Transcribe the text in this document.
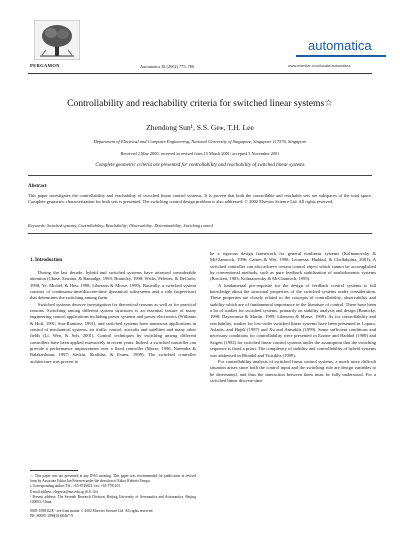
PERGAMON	Automatica 38 (2002) 775–786
automatica
www.elsevier.com/locate/automatica
Controllability and reachability criteria for switched linear systems☆
Zhendong Sun¹, S.S. Ge⁎, T.H. Lee
Department of Electrical and Computer Engineering, National University of Singapore, Singapore 117576, Singapore
Received 2 May 2000; received in revised form 15 March 2001; accepted 5 November 2001
Complete geometric criteria are presented for controllability and reachability of switched linear systems
Abstract

This paper investigates the controllability and reachability of switched linear control systems. It is proven that both the controllable and reachable sets are subspaces of the total space. Complete geometric characterization for both sets is presented. The switching control design problem is also addressed. © 2002 Elsevier Science Ltd. All rights reserved.

Keywords: Switched systems; Controllability; Reachability; Observability; Determinability; Switching control
1. Introduction

During the last decade, hybrid and switched systems have attracted considerable attention (Chase, Serrano, & Ramadge, 1993; Branicky, 1998; Wicks, Peleties, & DeCarlo, 1998; Ye, Michel, & Hou, 1998; Liberzon & Morse, 1999). Basically, a switched system consists of continuous-time/discrete-time dynamical subsystems and a rule (supervisor) that determines the switching among them.

Switched systems deserve investigation for theoretical reasons as well as for practical reasons. Switching among different system structures is an essential feature of many engineering control applications including power systems and power electronics (Williams & Hoft, 1991; Sira-Ramirez, 1991), and switched systems have numerous applications in control of mechanical systems, air traffic control, aircrafts and satellites and many other fields (Li, Wen, & Soh, 2001). Control techniques by switching among different controllers have been applied extensively in recent years. Indeed, a switched controller can provide a performance improvement over a fixed controller (Morse, 1996; Narendra & Balakrishnan, 1997; Savkin, Skafidas, & Evans, 1999). The switched controller architecture was proven to

be a rigorous design framework for general nonlinear systems (Kolmanovsky & McClamroch, 1996; Caines & Wei, 1998; Leonessa, Haddad, & Chellaboina, 2001). A switched controller can also achieve certain control object which cannot be accomplished by conventional methods, such as pure feedback stabilization of nonholonomic systems (Brockett, 1983; Kolmanovsky & McClamroch, 1995).

A fundamental pre-requisite for the design of feedback control systems is full knowledge about the structural properties of the switched systems under consideration. These properties are closely related to the concepts of controllability, observability and stability which are of fundamental importance in the literature of control. There have been a lot of studies for switched systems, primarily on stability analysis and design (Branicky, 1998; Dayawansa & Martin, 1999; Liberzon & Morse, 1999). As for controllability and reachability, studies for low-order switched linear systems have been presented in Loparo, Aslanis, and Hajek (1987) and Xu and Antsaklis (1999). Some sufficient conditions and necessary conditions for controllability were presented in Ezzine and Haddad (1989) and Szigeti (1992) for switched linear control systems under the assumption that the switching sequence is fixed a priori. The complexity of stability and controllability of hybrid systems was addressed in Blondel and Tsitsiklis (1999).

For controllability analysis of switched linear control systems, a much more difficult situation arises since both the control input and the switching rule are design variables to be determined, and thus the interaction between them must be fully understood. For a switched linear discrete-time

☆ This paper was not presented at any IFAC meeting. This paper was recommended for publication in revised form by Associate Editor Ian Petersen under the direction of Editor Roberto Tempo.

⁎ Corresponding author. Tel.: +65-8746821; fax: +65-7791103.

E-mail address: elegessz@nus.edu.sg (S.S. Ge).

¹ Present address: The Seventh Research Division, Beijing University of Aeronautics and Astronautics, Beijing 100083, China.

0005-1098/02/$ - see front matter © 2002 Elsevier Science Ltd. All rights reserved.
PII: S0005-1098(01)00267-9
